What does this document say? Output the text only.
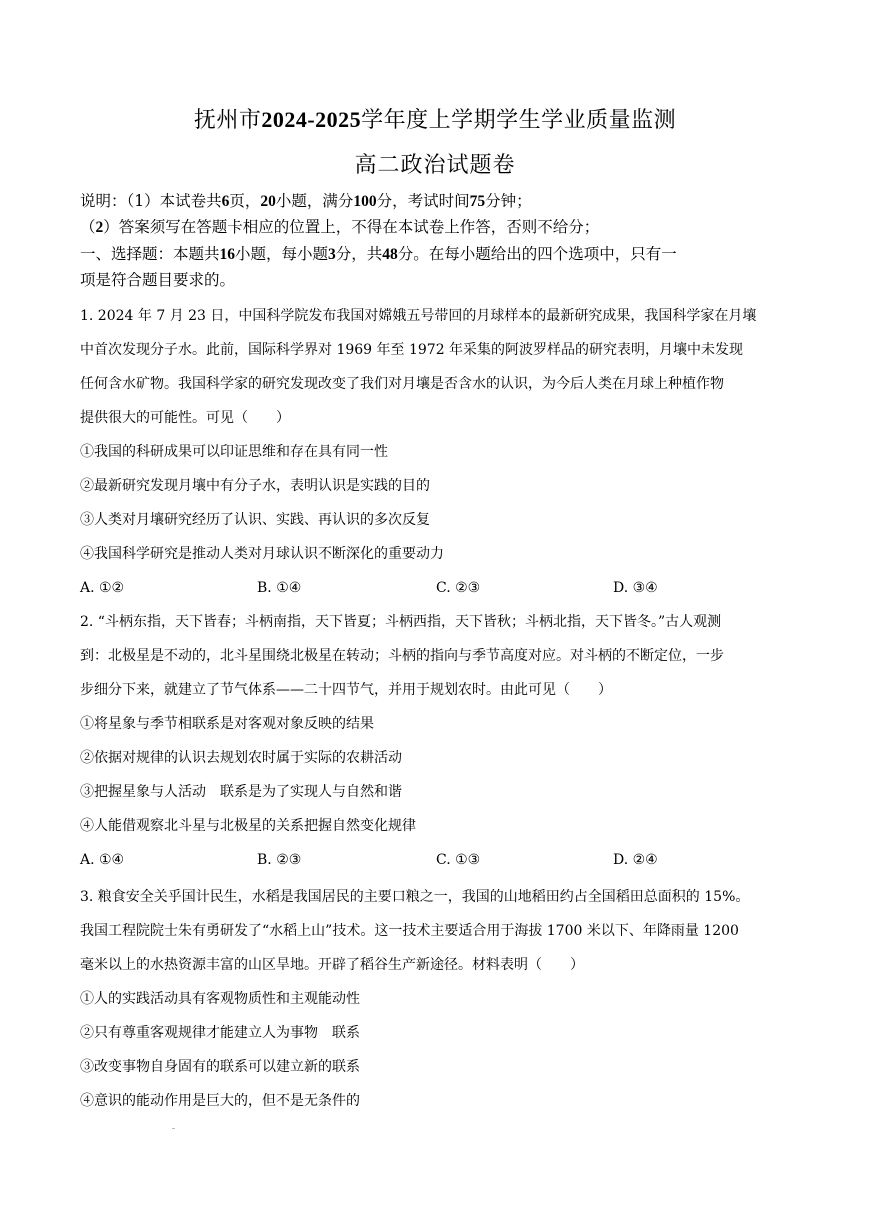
抚州市2024-2025学年度上学期学生学业质量监测
高二政治试题卷
说明：（1）本试卷共6页，20小题，满分100分，考试时间75分钟；
（2）答案须写在答题卡相应的位置上，不得在本试卷上作答，否则不给分；
一、选择题：本题共16小题，每小题3分，共48分。在每小题给出的四个选项中，只有一
项是符合题目要求的。
1. 2024 年 7 月 23 日，中国科学院发布我国对嫦娥五号带回的月球样本的最新研究成果，我国科学家在月壤
中首次发现分子水。此前，国际科学界对 1969 年至 1972 年采集的阿波罗样品的研究表明，月壤中未发现
任何含水矿物。我国科学家的研究发现改变了我们对月壤是否含水的认识，为今后人类在月球上种植作物
提供很大的可能性。可见（　　）
①我国的科研成果可以印证思维和存在具有同一性
②最新研究发现月壤中有分子水，表明认识是实践的目的
③人类对月壤研究经历了认识、实践、再认识的多次反复
④我国科学研究是推动人类对月球认识不断深化的重要动力
A. ①②	B. ①④	C. ②③	D. ③④
2. “斗柄东指，天下皆春；斗柄南指，天下皆夏；斗柄西指，天下皆秋；斗柄北指，天下皆冬。”古人观测
到：北极星是不动的，北斗星围绕北极星在转动；斗柄的指向与季节高度对应。对斗柄的不断定位，一步
步细分下来，就建立了节气体系——二十四节气，并用于规划农时。由此可见（　　）
①将星象与季节相联系是对客观对象反映的结果
②依据对规律的认识去规划农时属于实际的农耕活动
③把握星象与人活动　联系是为了实现人与自然和谐
④人能借观察北斗星与北极星的关系把握自然变化规律
A. ①④	B. ②③	C. ①③	D. ②④
3. 粮食安全关乎国计民生，水稻是我国居民的主要口粮之一，我国的山地稻田约占全国稻田总面积的 15%。
我国工程院院士朱有勇研发了“水稻上山”技术。这一技术主要适合用于海拔 1700 米以下、年降雨量 1200
毫米以上的水热资源丰富的山区旱地。开辟了稻谷生产新途径。材料表明（　　）
①人的实践活动具有客观物质性和主观能动性
②只有尊重客观规律才能建立人为事物　联系
③改变事物自身固有的联系可以建立新的联系
④意识的能动作用是巨大的，但不是无条件的
